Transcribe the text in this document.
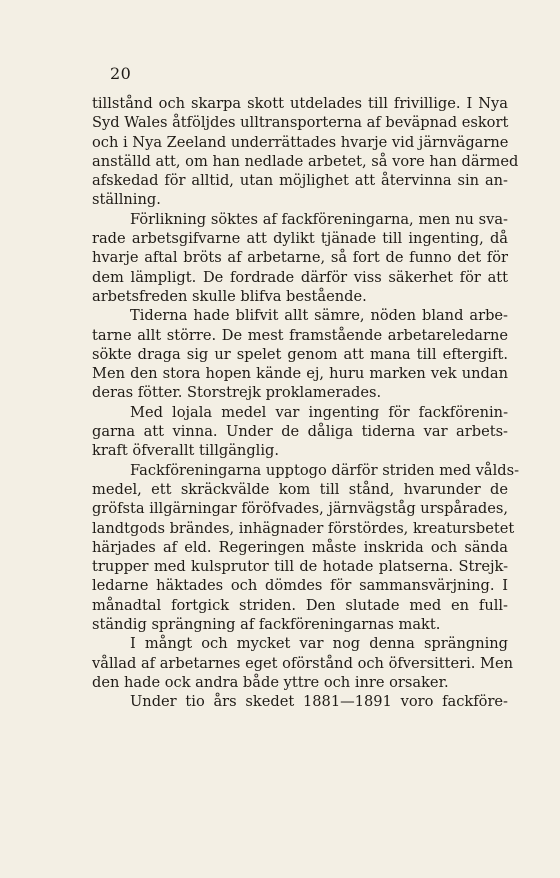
20
tillstånd och skarpa skott utdelades till frivillige. I Nya
Syd Wales åtföljdes ulltransporterna af beväpnad eskort
och i Nya Zeeland underrättades hvarje vid järnvägarne
anställd att, om han nedlade arbetet, så vore han därmed
afskedad för alltid, utan möjlighet att återvinna sin an-
ställning.
Förlikning söktes af fackföreningarna, men nu sva-
rade arbetsgifvarne att dylikt tjänade till ingenting, då
hvarje aftal bröts af arbetarne, så fort de funno det för
dem lämpligt. De fordrade därför viss säkerhet för att
arbetsfreden skulle blifva bestående.
Tiderna hade blifvit allt sämre, nöden bland arbe-
tarne allt större. De mest framstående arbetareledarne
sökte draga sig ur spelet genom att mana till eftergift.
Men den stora hopen kände ej, huru marken vek undan
deras fötter. Storstrejk proklamerades.
Med lojala medel var ingenting för fackförenin-
garna att vinna. Under de dåliga tiderna var arbets-
kraft öfverallt tillgänglig.
Fackföreningarna upptogo därför striden med vålds-
medel, ett skräckvälde kom till stånd, hvarunder de
gröfsta illgärningar föröfvades, järnvägståg urspårades,
landtgods brändes, inhägnader förstördes, kreatursbetet
härjades af eld. Regeringen måste inskrida och sända
trupper med kulsprutor till de hotade platserna. Strejk-
ledarne häktades och dömdes för sammansvärjning. I
månadtal fortgick striden. Den slutade med en full-
ständig sprängning af fackföreningarnas makt.
I mångt och mycket var nog denna sprängning
vållad af arbetarnes eget oförstånd och öfversitteri. Men
den hade ock andra både yttre och inre orsaker.
Under tio års skedet 1881—1891 voro fackföre-
